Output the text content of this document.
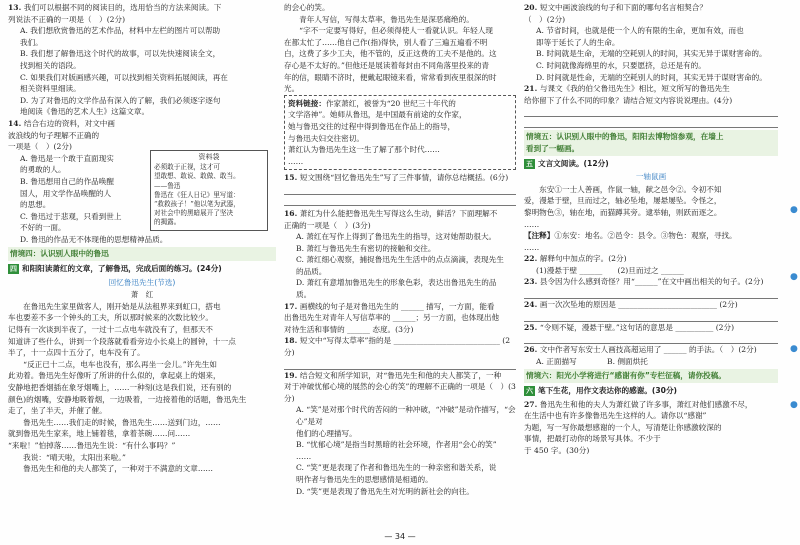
13. 我们可以根据不同的阅读目的，选用恰当的方法来阅读。下
列说法不正确的一项是（　）(2分)
A. 我们想欣赏鲁迅的艺术作品，材料中左栏的图片可以帮助
我们。
B. 我们想了解鲁迅这个时代的故事，可以先快速阅读全文，
找到相关的语段。
C. 如果我们对版画感兴趣，可以找到相关资料拓展阅读，再在
相关资料里细读。
D. 为了对鲁迅的文学作品有深入的了解，我们必须逐字逐句
地阅读《鲁迅的艺术人生》这篇文章。
14. 结合右边的资料，对文中画
波浪线的句子理解不正确的
一项是（　）(2分)
A. 鲁迅是一个敢于直面现实
的勇敢的人。
B. 鲁迅想用自己的作品唤醒
国人，用文学作品唤醒的人
的思想。
C. 鲁迅过于悲观，只看到世上
不好的一面。
D. 鲁迅的作品无不体现他的思想精神品质。
情境四：认识别人眼中的鲁迅
四 和阳阳读萧红的文章，了解鲁迅，完成后面的练习。(24分)
回忆鲁迅先生(节选)
萧　红
　　在鲁迅先生家里做客人，刚开始是从法租界来到虹口，搭电
车也要差不多一个钟头的工夫，所以那时候来的次数比较少。
记得有一次谈到半夜了，一过十二点电车就没有了，但那天不
知道讲了些什么，讲到一个段落就看看旁边小长桌上的圆钟，十一点
半了，十一点四十五分了，电车没有了。
　　“反正已十二点，电车也没有，那么再坐一会儿。”许先生如
此劝着。鲁迅先生好像听了所讲的什么似的，拿起桌上的烟来，
安静地把香烟插在象牙烟嘴上，……一种刻(这是我们说，还有别的
颜色)的烟嘴，安静地吸着烟，一边吸着，一边接着他的话题，鲁迅先生
走了，坐了半天，并催了催。
　　鲁迅先生……我们走的时候，鲁迅先生……送到门边，……
就到鲁迅先生家来，地上铺着毯，拿着茶碗……问……
“来啦！”怕掉落……鲁迅先生说：“有什么事吗？”
　　我说：“晴天啦，太阳出来啦。”
　　鲁迅先生和他的夫人都笑了，一种对于不满意的文章……
资料袋
必须敢于正视，这才可
望敢想、敢说、敢做、敢当。
——鲁迅
鲁迅在《狂人日记》里写道：
“救救孩子！”他以笔为武器，
对社会中的黑暗展开了坚决
的揭露。
的会心的笑。
　　青年人写信，写得太草率，鲁迅先生是深恶痛绝的。
　　“字不一定要写得好，但必须得使人一看就认识。年轻人现
在都太忙了……他自己作(指)得快，别人看了三遍五遍看不明
白，这费了多少工夫，他不管的，反正这费的工夫不是他的。这
存心是不太好的。”但他还是展读着每封由不同角落里投来的青
年的信，眼睛不济时，便戴起眼镜来看，常常看到夜里很深的时
光。
资料链接：作家萧红，被誉为“20 世纪三十年代的
文学洛神”。她师从鲁迅，是中国最有前途的女作家，
她与鲁迅交往的过程中得到鲁迅在作品上的指导，
与鲁迅夫妇交往密切。
萧红认为鲁迅先生这一生了解了那个时代……
……
15. 短文围绕“回忆鲁迅先生”写了三件事情，请你总结概括。(6分)
16. 萧红为什么能把鲁迅先生写得这么生动，鲜活？下面理解不
正确的一项是（　）(3分)
A. 萧红在写作上得到了鲁迅先生的指导，这对她帮助很大。
B. 萧红与鲁迅先生有密切的接触和交往。
C. 萧红细心观察，捕捉鲁迅先生生活中的点点滴滴，表现先生
的品质。
D. 萧红有意增加鲁迅先生的形象色彩，表达出鲁迅先生的品
质。
17. 画横线的句子是对鲁迅先生的 ______ 描写，一方面，能看
出鲁迅先生对青年人写信草率的 ______；另一方面，也体现出他
对待生活和事情的 ______ 态度。(3分)
18. 短文中“写得太草率”指的是 ____________________________ (2分)
19. 结合短文和所学知识，对“鲁迅先生和他的夫人都笑了，一种
对于冲破忧郁心境的展然的会心的笑”的理解不正确的一项是（　）(3分)
A. “笑”是对那个时代的苦闷的一种冲破，“冲破”是动作描写，“会心”是对
他们的心理描写。
B. “忧郁心境”是指当时黑暗的社会环境，作者用“会心的笑”
……
C. “笑”更是表现了作者和鲁迅先生的一种亲密和谐关系，说
明作者与鲁迅先生的思想感情是相通的。
D. “笑”更是表现了鲁迅先生对光明的新社会的向往。
20. 短文中画波浪线的句子和下面的哪句名言相契合？
（　）(2分)
A. 节省时间，也就是使一个人的有限的生命，更加有效，而也
即等于延长了人的生命。
B. 时间就是生命，无端的空耗别人的时间，其实无异于谋财害命的。
C. 时间就像海绵里的水，只要愿挤，总还是有的。
D. 时间就是性命，无端的空耗别人的时间，其实无异于谋财害命的。
21. 与课文《我的伯父鲁迅先生》相比，短文所写的鲁迅先生
给你留下了什么不同的印象？请结合短文内容说说理由。(4分)
情境五：认识别人眼中的鲁迅，阳阳去博物馆参观，在墙上
看到了一幅画。
五 文言文阅读。(12分)
一轴鼠画
　　东安①一士人善画，作鼠一轴，献之邑令②。令初不知
爱，漫悬于壁，旦而过之，轴必坠地，屡悬屡坠。令怪之，
黎明物色③，轴在地，而猫蹲其旁。逮举轴，则跃而逐之。
……
【注释】①东安：地名。②邑令：县令。③物色：观察，寻找。
……
22. 解释句中加点的字。(2分)
(1)漫悬于壁 ______　　(2)旦而过之 ______
23. 县令因为什么感到奇怪？用“______”在文中画出相关的句子。(2分)
24. 画一次次坠地的原因是 __________________________ (2分)
25. “令则不疑，漫悬于壁。”这句话的意思是 __________ (2分)
26. 文中作者写东安士人画技高超运用了 ______ 的手法。（　）(2分)
A. 正面描写　　　　B. 侧面烘托
情境六：阳光小学将进行“感谢有你”专栏征稿，请你投稿。
六 笔下生花，用作文表达你的感谢。(30分)
27. 鲁迅先生和他的夫人为萧红做了许多事，萧红对他们感激不尽，
在生活中也有许多像鲁迅先生这样的人。请你以“感谢”
为题，写一写你最想感谢的一个人，写清楚让你感激较深的
事情，把最打动你的场景写具体。不少于
于 450 字。(30分)
●
●
●
●
— 34 —
